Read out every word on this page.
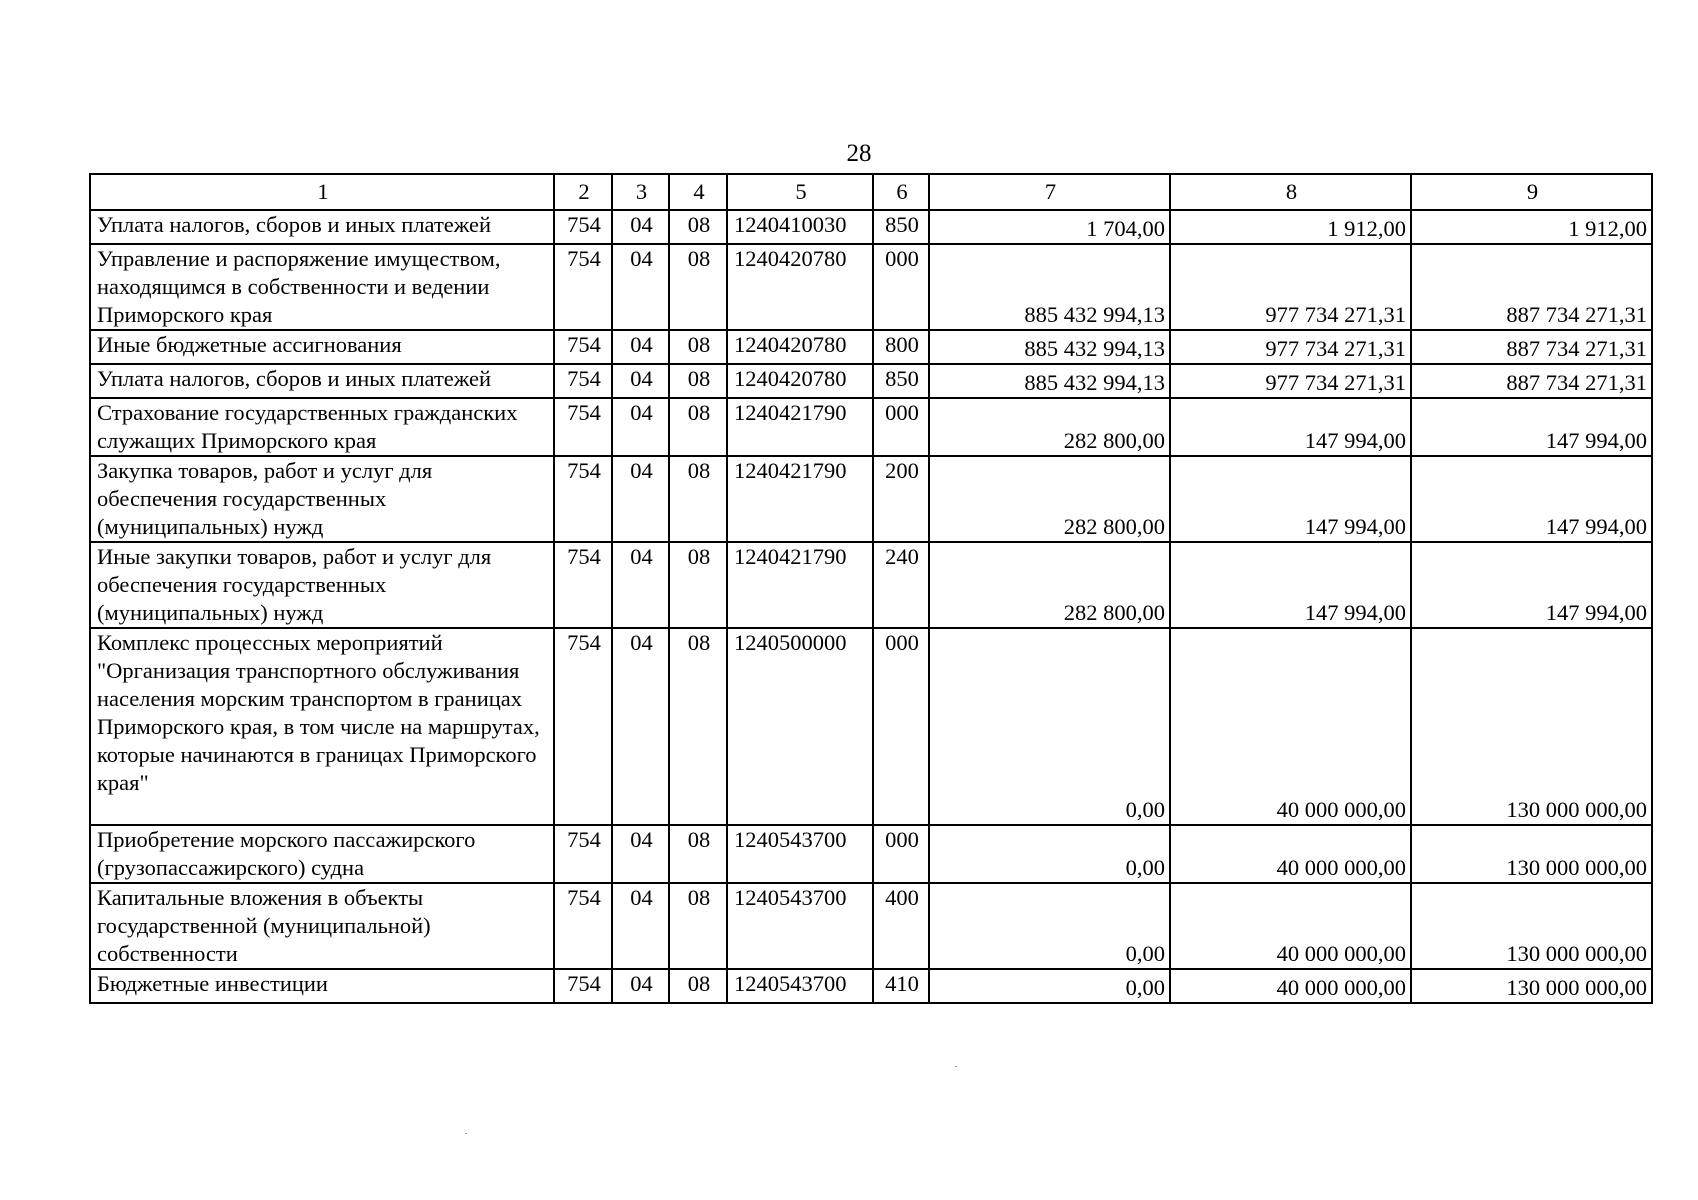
28
1	2	3	4	5	6	7	8	9
Уплата налогов, сборов и иных платежей	754	04	08	1240410030	850	1 704,00	1 912,00	1 912,00
Управление и распоряжение имуществом, находящимся в собственности и ведении Приморского края	754	04	08	1240420780	000	885 432 994,13	977 734 271,31	887 734 271,31
Иные бюджетные ассигнования	754	04	08	1240420780	800	885 432 994,13	977 734 271,31	887 734 271,31
Уплата налогов, сборов и иных платежей	754	04	08	1240420780	850	885 432 994,13	977 734 271,31	887 734 271,31
Страхование государственных гражданских служащих Приморского края	754	04	08	1240421790	000	282 800,00	147 994,00	147 994,00
Закупка товаров, работ и услуг для обеспечения государственных (муниципальных) нужд	754	04	08	1240421790	200	282 800,00	147 994,00	147 994,00
Иные закупки товаров, работ и услуг для обеспечения государственных (муниципальных) нужд	754	04	08	1240421790	240	282 800,00	147 994,00	147 994,00
Комплекс процессных мероприятий "Организация транспортного обслуживания населения морским транспортом в границах Приморского края, в том числе на маршрутах, которые начинаются в границах Приморского края"	754	04	08	1240500000	000	0,00	40 000 000,00	130 000 000,00
Приобретение морского пассажирского (грузопассажирского) судна	754	04	08	1240543700	000	0,00	40 000 000,00	130 000 000,00
Капитальные вложения в объекты государственной (муниципальной) собственности	754	04	08	1240543700	400	0,00	40 000 000,00	130 000 000,00
Бюджетные инвестиции	754	04	08	1240543700	410	0,00	40 000 000,00	130 000 000,00
